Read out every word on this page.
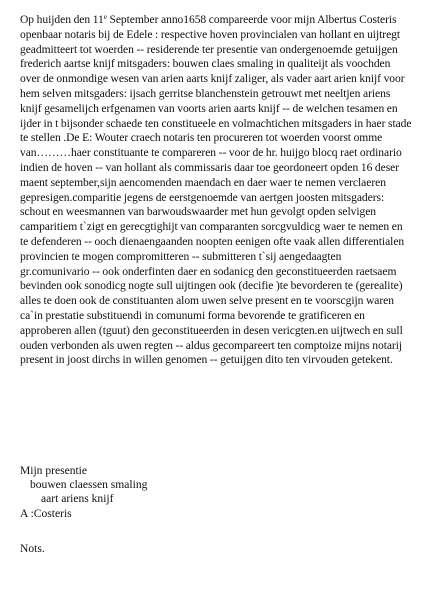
Op huijden den 11e September anno1658 compareerde voor mijn Albertus Costeris openbaar notaris bij de Edele : respective hoven provincialen van hollant en uijtregt geadmitteert tot woerden -- residerende ter presentie van ondergenoemde getuijgen frederich aartse knijf mitsgaders: bouwen claes smaling in qualiteijt als voochden over de onmondige wesen van arien aarts knijf zaliger, als vader aart arien knijf voor hem selven mitsgaders: ijsach gerritse blanchenstein getrouwt met neeltjen ariens knijf gesamelijch erfgenamen van voorts arien aarts knijf -- de welchen tesamen en ijder in t bijsonder schaede ten constitueele en volmachtichen mitsgaders in haer stade te stellen .De E: Wouter craech notaris ten procureren tot woerden voorst omme van………haer constituante te compareren -- voor de hr. huijgo blocq raet ordinario indien de hoven -- van hollant als commissaris daar toe geordoneert opden 16 deser maent september,sijn aencomenden maendach en daer waer te nemen verclaeren gepresigen.comparitie jegens de eerstgenoemde van aertgen joosten mitsgaders: schout en weesmannen van barwoudswaarder met hun gevolgt opden selvigen camparitiem t`zigt en gerecgtighijt van comparanten sorcgvuldicg waer te nemen en te defenderen -- ooch dienaengaanden noopten eenigen ofte vaak allen differentialen provincien te mogen compromitteren -- submitteren t`sij aengedaagten gr.comunivario -- ook onderfinten daer en sodanicg den geconstitueerden raetsaem bevinden ook sonodicg nogte sull uijtingen ook (decifie )te bevorderen te (gerealite) alles te doen ook de constituanten alom uwen selve present en te voorscgijn waren ca`in prestatie substituendi in comunumi forma bevorende te gratificeren en approberen allen (tguut) den geconstitueerden in desen vericgten.en uijtwech en sull ouden verbonden als uwen regten -- aldus gecompareert ten comptoize mijns notarij present in joost dirchs in willen genomen -- getuijgen dito ten virvouden getekent.

Mijn presentie
bouwen claessen smaling
aart ariens knijf
A :Costeris
Nots.
